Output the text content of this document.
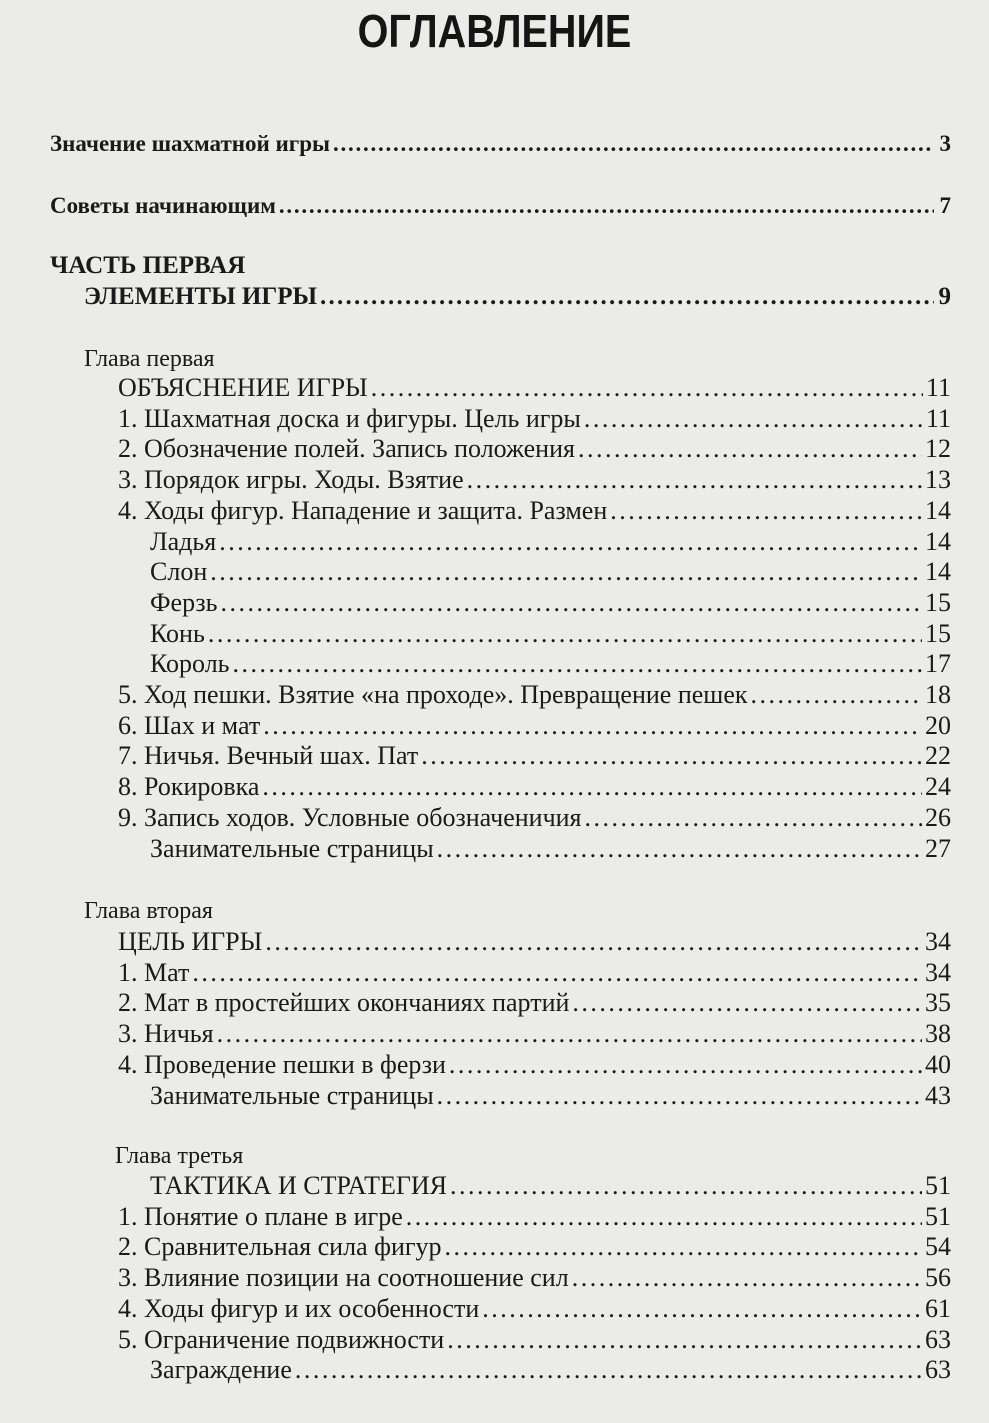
ОГЛАВЛЕНИЕ
Значение шахматной игры . . .	3
Советы начинающим . . .	7
ЧАСТЬ ПЕРВАЯ
ЭЛЕМЕНТЫ ИГРЫ . . .	9
Глава первая
ОБЪЯСНЕНИЕ ИГРЫ . . .	11
1. Шахматная доска и фигуры. Цель игры . . .	11
2. Обозначение полей. Запись положения . . .	12
3. Порядок игры. Ходы. Взятие . . .	13
4. Ходы фигур. Нападение и защита. Размен . . .	14
Ладья . . .	14
Слон . . .	14
Ферзь . . .	15
Конь . . .	15
Король . . .	17
5. Ход пешки. Взятие «на проходе». Превращение пешек . . .	18
6. Шах и мат . . .	20
7. Ничья. Вечный шах. Пат . . .	22
8. Рокировка . . .	24
9. Запись ходов. Условные обозначеничия . . .	26
Занимательные страницы . . .	27
Глава вторая
ЦЕЛЬ ИГРЫ . . .	34
1. Мат . . .	34
2. Мат в простейших окончаниях партий . . .	35
3. Ничья . . .	38
4. Проведение пешки в ферзи . . .	40
Занимательные страницы . . .	43
Глава третья
ТАКТИКА И СТРАТЕГИЯ . . .	51
1. Понятие о плане в игре . . .	51
2. Сравнительная сила фигур . . .	54
3. Влияние позиции на соотношение сил . . .	56
4. Ходы фигур и их особенности . . .	61
5. Ограничение подвижности . . .	63
Заграждение . . .	63
